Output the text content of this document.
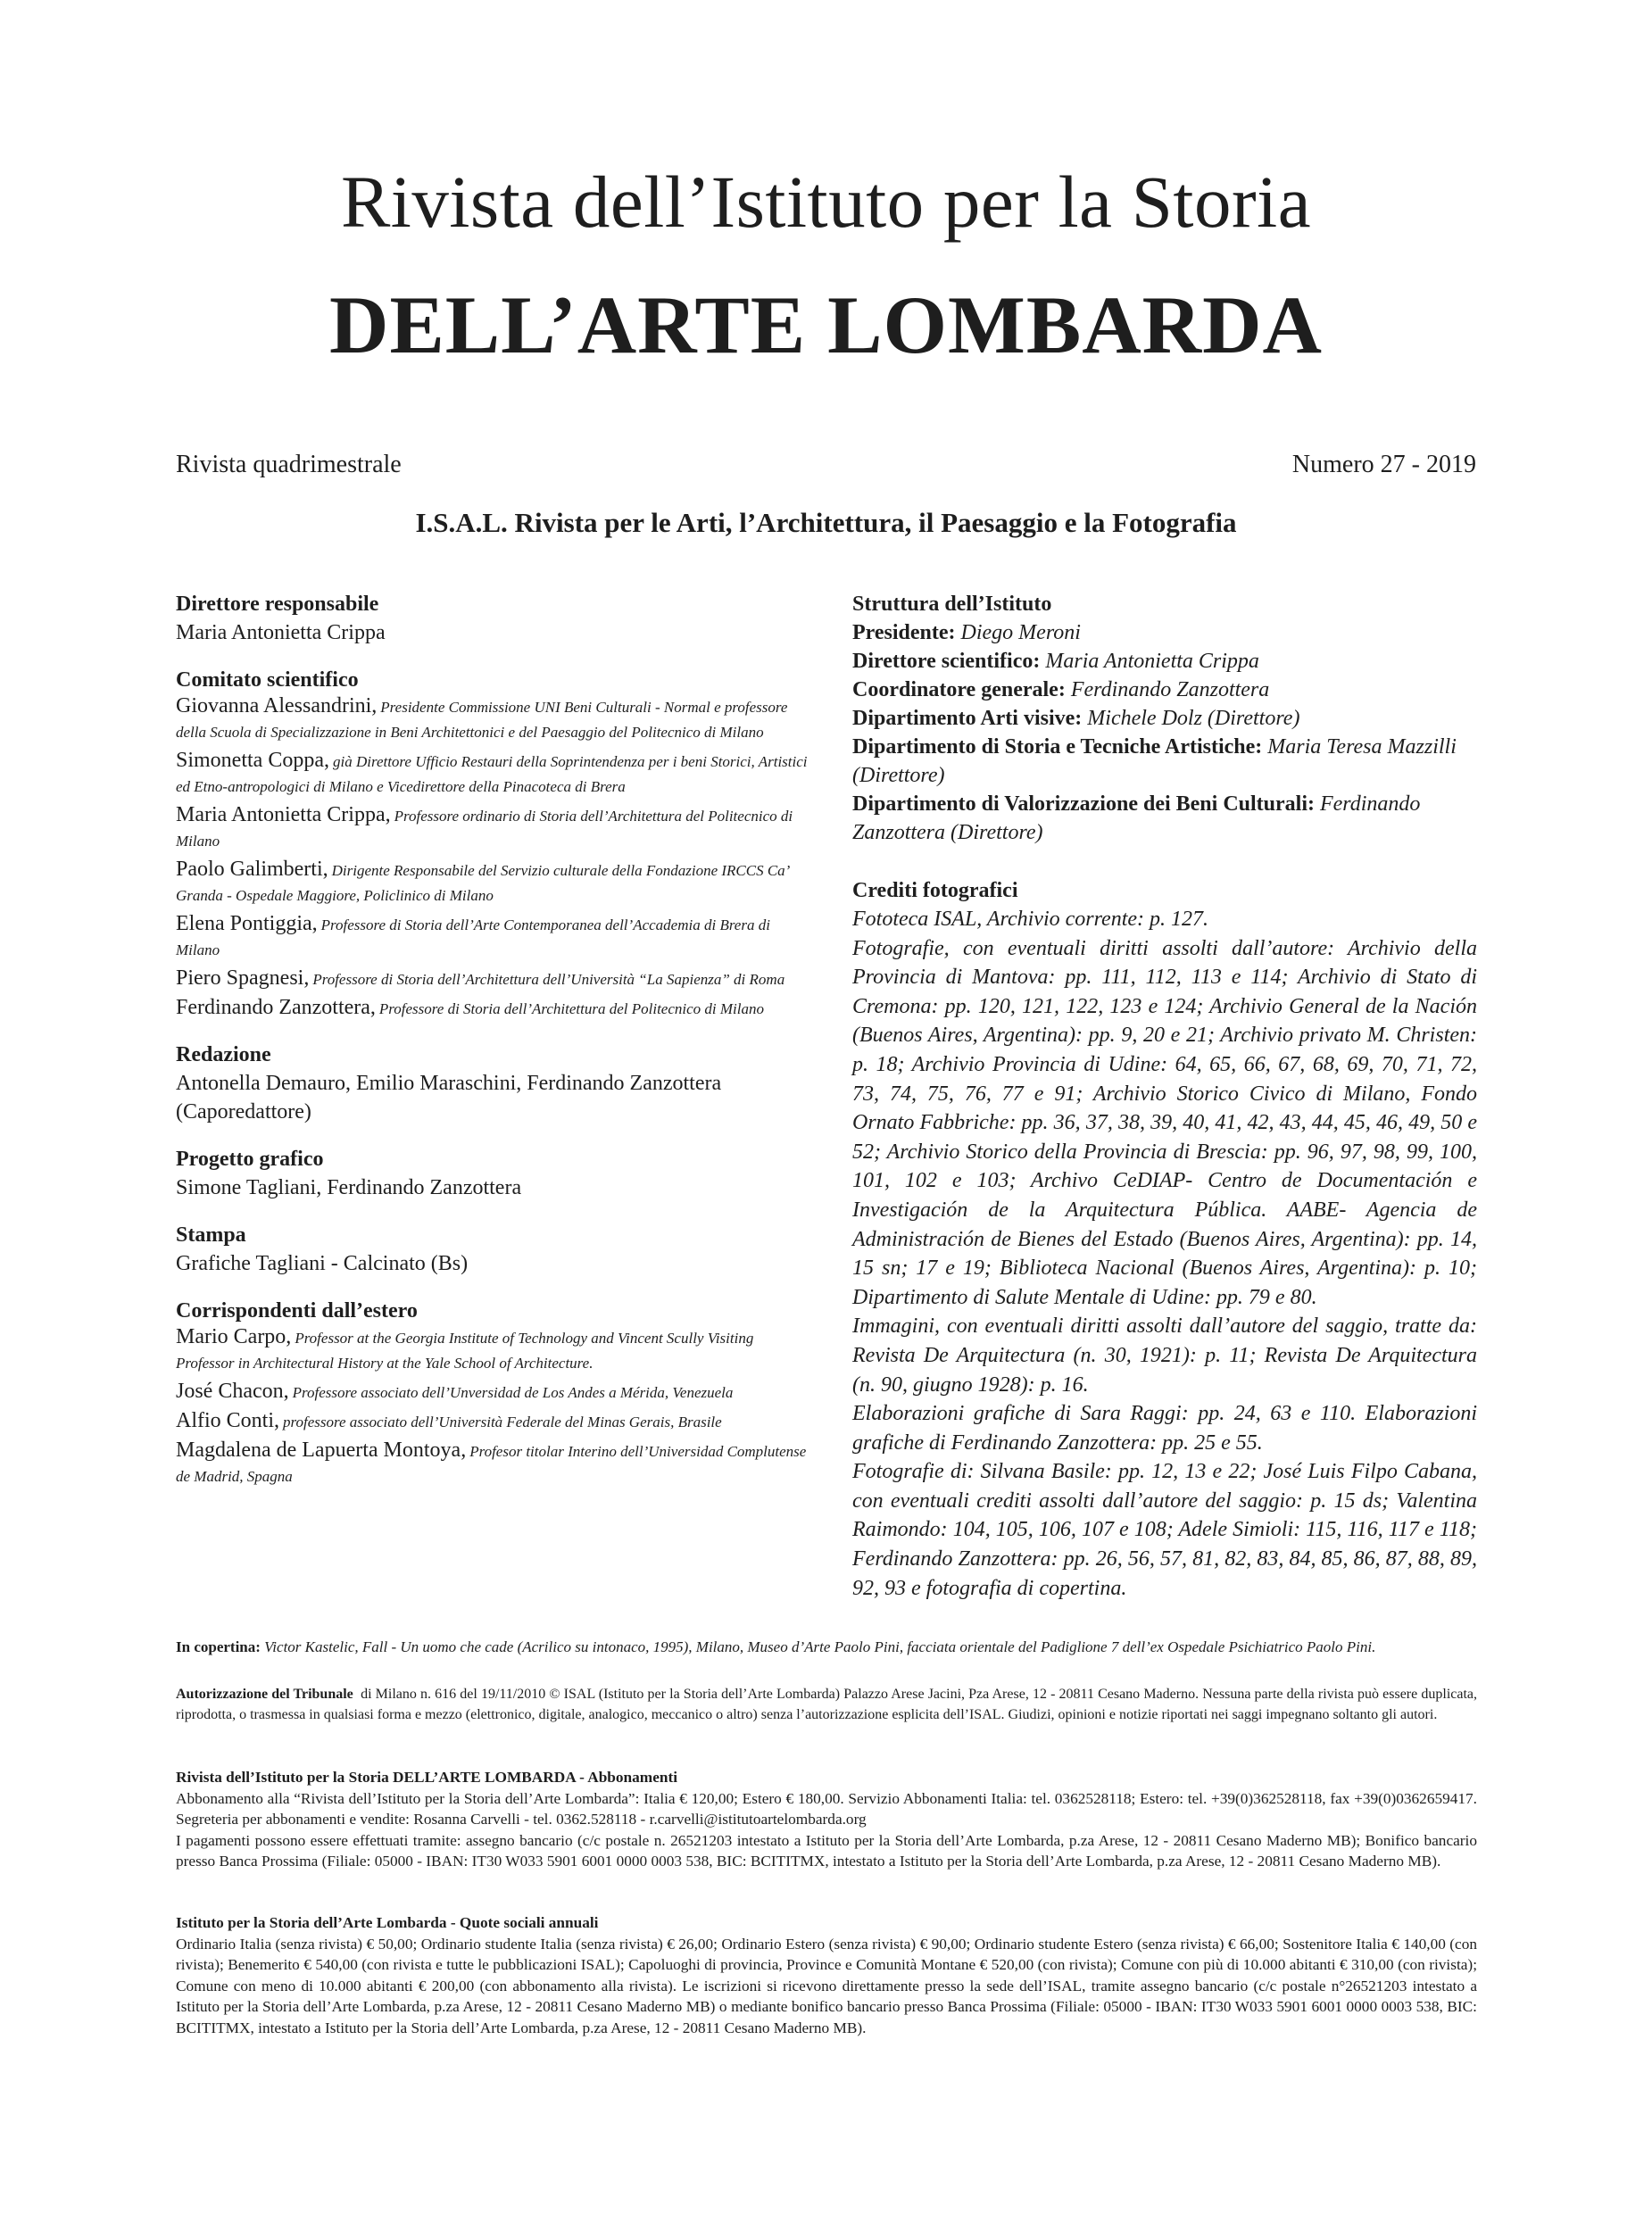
Rivista dell’Istituto per la Storia
DELL’ARTE LOMBARDA
Rivista quadrimestrale	Numero 27 - 2019
I.S.A.L. Rivista per le Arti, l’Architettura, il Paesaggio e la Fotografia
Direttore responsabile

Maria Antonietta Crippa

Comitato scientifico

Giovanna Alessandrini, Presidente Commissione UNI Beni Culturali - Normal e professore della Scuola di Specializzazione in Beni Architettonici e del Paesaggio del Politecnico di Milano

Simonetta Coppa, già Direttore Ufficio Restauri della Soprintendenza per i beni Storici, Artistici ed Etno-antropologici di Milano e Vicedirettore della Pinacoteca di Brera

Maria Antonietta Crippa, Professore ordinario di Storia dell’Architettura del Politecnico di Milano

Paolo Galimberti, Dirigente Responsabile del Servizio culturale della Fondazione IRCCS Ca’ Granda - Ospedale Maggiore, Policlinico di Milano

Elena Pontiggia, Professore di Storia dell’Arte Contemporanea dell’Accademia di Brera di Milano

Piero Spagnesi, Professore di Storia dell’Architettura dell’Università “La Sapienza” di Roma

Ferdinando Zanzottera, Professore di Storia dell’Architettura del Politecnico di Milano

Redazione

Antonella Demauro, Emilio Maraschini, Ferdinando Zanzottera (Caporedattore)

Progetto grafico

Simone Tagliani, Ferdinando Zanzottera

Stampa

Grafiche Tagliani - Calcinato (Bs)

Corrispondenti dall’estero

Mario Carpo, Professor at the Georgia Institute of Technology and Vincent Scully Visiting Professor in Architectural History at the Yale School of Architecture.

José Chacon, Professore associato dell’Unversidad de Los Andes a Mérida, Venezuela

Alfio Conti, professore associato dell’Università Federale del Minas Gerais, Brasile

Magdalena de Lapuerta Montoya, Profesor titolar Interino dell’Universidad Complutense de Madrid, Spagna

Struttura dell’Istituto

Presidente: Diego Meroni

Direttore scientifico: Maria Antonietta Crippa

Coordinatore generale: Ferdinando Zanzottera

Dipartimento Arti visive: Michele Dolz (Direttore)

Dipartimento di Storia e Tecniche Artistiche: Maria Teresa Mazzilli (Direttore)

Dipartimento di Valorizzazione dei Beni Culturali: Ferdinando Zanzottera (Direttore)

Crediti fotografici

Fototeca ISAL, Archivio corrente: p. 127.

Fotografie, con eventuali diritti assolti dall’autore: Archivio della Provincia di Mantova: pp. 111, 112, 113 e 114; Archivio di Stato di Cremona: pp. 120, 121, 122, 123 e 124; Archivio General de la Nación (Buenos Aires, Argentina): pp. 9, 20 e 21; Archivio privato M. Christen: p. 18; Archivio Provincia di Udine: 64, 65, 66, 67, 68, 69, 70, 71, 72, 73, 74, 75, 76, 77 e 91; Archivio Storico Civico di Milano, Fondo Ornato Fabbriche: pp. 36, 37, 38, 39, 40, 41, 42, 43, 44, 45, 46, 49, 50 e 52; Archivio Storico della Provincia di Brescia: pp. 96, 97, 98, 99, 100, 101, 102 e 103; Archivo CeDIAP- Centro de Documentación e Investigación de la Arquitectura Pública. AABE- Agencia de Administración de Bienes del Estado (Buenos Aires, Argentina): pp. 14, 15 sn; 17 e 19; Biblioteca Nacional (Buenos Aires, Argentina): p. 10; Dipartimento di Salute Mentale di Udine: pp. 79 e 80.

Immagini, con eventuali diritti assolti dall’autore del saggio, tratte da: Revista De Arquitectura (n. 30, 1921): p. 11; Revista De Arquitectura (n. 90, giugno 1928): p. 16.

Elaborazioni grafiche di Sara Raggi: pp. 24, 63 e 110. Elaborazioni grafiche di Ferdinando Zanzottera: pp. 25 e 55.

Fotografie di: Silvana Basile: pp. 12, 13 e 22; José Luis Filpo Cabana, con eventuali crediti assolti dall’autore del saggio: p. 15 ds; Valentina Raimondo: 104, 105, 106, 107 e 108; Adele Simioli: 115, 116, 117 e 118; Ferdinando Zanzottera: pp. 26, 56, 57, 81, 82, 83, 84, 85, 86, 87, 88, 89, 92, 93 e fotografia di copertina.

In copertina: Victor Kastelic, Fall - Un uomo che cade (Acrilico su intonaco, 1995), Milano, Museo d’Arte Paolo Pini, facciata orientale del Padiglione 7 dell’ex Ospedale Psichiatrico Paolo Pini.
Autorizzazione del Tribunale di Milano n. 616 del 19/11/2010 © ISAL (Istituto per la Storia dell’Arte Lombarda) Palazzo Arese Jacini, Pza Arese, 12 - 20811 Cesano Maderno. Nessuna parte della rivista può essere duplicata, riprodotta, o trasmessa in qualsiasi forma e mezzo (elettronico, digitale, analogico, meccanico o altro) senza l’autorizzazione esplicita dell’ISAL. Giudizi, opinioni e notizie riportati nei saggi impegnano soltanto gli autori.
Rivista dell’Istituto per la Storia DELL’ARTE LOMBARDA - Abbonamenti

Abbonamento alla “Rivista dell’Istituto per la Storia dell’Arte Lombarda”: Italia € 120,00; Estero € 180,00. Servizio Abbonamenti Italia: tel. 0362528118; Estero: tel. +39(0)362528118, fax +39(0)0362659417. Segreteria per abbonamenti e vendite: Rosanna Carvelli - tel. 0362.528118 - r.carvelli@istitutoartelombarda.org

I pagamenti possono essere effettuati tramite: assegno bancario (c/c postale n. 26521203 intestato a Istituto per la Storia dell’Arte Lombarda, p.za Arese, 12 - 20811 Cesano Maderno MB); Bonifico bancario presso Banca Prossima (Filiale: 05000 - IBAN: IT30 W033 5901 6001 0000 0003 538, BIC: BCITITMX, intestato a Istituto per la Storia dell’Arte Lombarda, p.za Arese, 12 - 20811 Cesano Maderno MB).

Istituto per la Storia dell’Arte Lombarda - Quote sociali annuali

Ordinario Italia (senza rivista) € 50,00; Ordinario studente Italia (senza rivista) € 26,00; Ordinario Estero (senza rivista) € 90,00; Ordinario studente Estero (senza rivista) € 66,00; Sostenitore Italia € 140,00 (con rivista); Benemerito € 540,00 (con rivista e tutte le pubblicazioni ISAL); Capoluoghi di provincia, Province e Comunità Montane € 520,00 (con rivista); Comune con più di 10.000 abitanti € 310,00 (con rivista); Comune con meno di 10.000 abitanti € 200,00 (con abbonamento alla rivista). Le iscrizioni si ricevono direttamente presso la sede dell’ISAL, tramite assegno bancario (c/c postale n°26521203 intestato a Istituto per la Storia dell’Arte Lombarda, p.za Arese, 12 - 20811 Cesano Maderno MB) o mediante bonifico bancario presso Banca Prossima (Filiale: 05000 - IBAN: IT30 W033 5901 6001 0000 0003 538, BIC: BCITITMX, intestato a Istituto per la Storia dell’Arte Lombarda, p.za Arese, 12 - 20811 Cesano Maderno MB).
